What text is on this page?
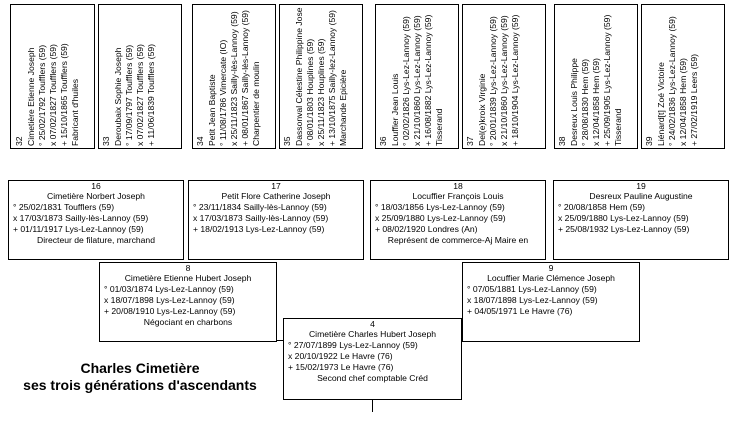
32 Cimetière Etienne Joseph ° 25/02/1792 Toufflers (59) x 07/02/1827 Toufflers (59) + 15/10/1865 Toufflers (59) Fabricant d'huiles	33 Deroubaix Sophie Joseph ° 17/09/1797 Toufflers (59) x 07/02/1827 Toufflers (59) + 11/06/1839 Toufflers (59)	34 Petit Jean Baptiste ° 11/08/1786 Vimercate (IO) x 25/11/1823 Sailly-lès-Lannoy (59) + 08/01/1867 Sailly-lès-Lannoy (59) Charpentier de moulin 35 Dassonval Célestine Philippine Jose ° 08/01/1803 Houplines (59) x 25/11/1823 Houplines (59) + 13/10/1875 Sailly-lez-Lannoy (59) Marchande Epicière	36 Louffier Jean Louis ° 02/02/1826 Lys-Lez-Lannoy (59) x 21/10/1860 Lys-Lez-Lannoy (59) + 16/08/1882 Lys-Lez-Lannoy (59) Tisserand 37 Del(e)kroix Virginie ° 20/01/1839 Lys-Lez-Lannoy (59) x 21/10/1860 Lys-Lez-Lannoy (59) + 18/10/1904 Lys-Lez-Lannoy (59)	38 Desreux Louis Philippe ° 28/08/1830 Hem (59) x 12/04/1858 Hem (59) + 25/09/1905 Lys-Lez-Lannoy (59) Tisserand 39 Liénard[t] Zoé Victoire ° 24/02/1836 Lys-Lez-Lannoy (59) x 12/04/1858 Hem (59) + 27/02/1919 Leers (59)
16
Cimetière Norbert Joseph
° 25/02/1831 Toufflers (59)
x 17/03/1873 Sailly-lès-Lannoy (59)
+ 01/11/1917 Lys-Lez-Lannoy (59)
Directeur de filature, marchand
17
Petit Flore Catherine Joseph
° 23/11/1834 Sailly-lès-Lannoy (59)
x 17/03/1873 Sailly-lès-Lannoy (59)
+ 18/02/1913 Lys-Lez-Lannoy (59)
18
Locuffier François Louis
° 18/03/1856 Lys-Lez-Lannoy (59)
x 25/09/1880 Lys-Lez-Lannoy (59)
+ 08/02/1920 Londres (An)
Représent de commerce-Aj Maire en
19
Desreux Pauline Augustine
° 20/08/1858 Hem (59)
x 25/09/1880 Lys-Lez-Lannoy (59)
+ 25/08/1932 Lys-Lez-Lannoy (59)
8
Cimetière Etienne Hubert Joseph
° 01/03/1874 Lys-Lez-Lannoy (59)
x 18/07/1898 Lys-Lez-Lannoy (59)
+ 20/08/1910 Lys-Lez-Lannoy (59)
Négociant en charbons
9
Locuffier Marie Clémence Joseph
° 07/05/1881 Lys-Lez-Lannoy (59)
x 18/07/1898 Lys-Lez-Lannoy (59)
+ 04/05/1971 Le Havre (76)
4
Cimetière Charles Hubert Joseph
° 27/07/1899 Lys-Lez-Lannoy (59)
x 20/10/1922 Le Havre (76)
+ 15/02/1973 Le Havre (76)
Second chef comptable Créd
Charles Cimetière
ses trois générations d'ascendants
